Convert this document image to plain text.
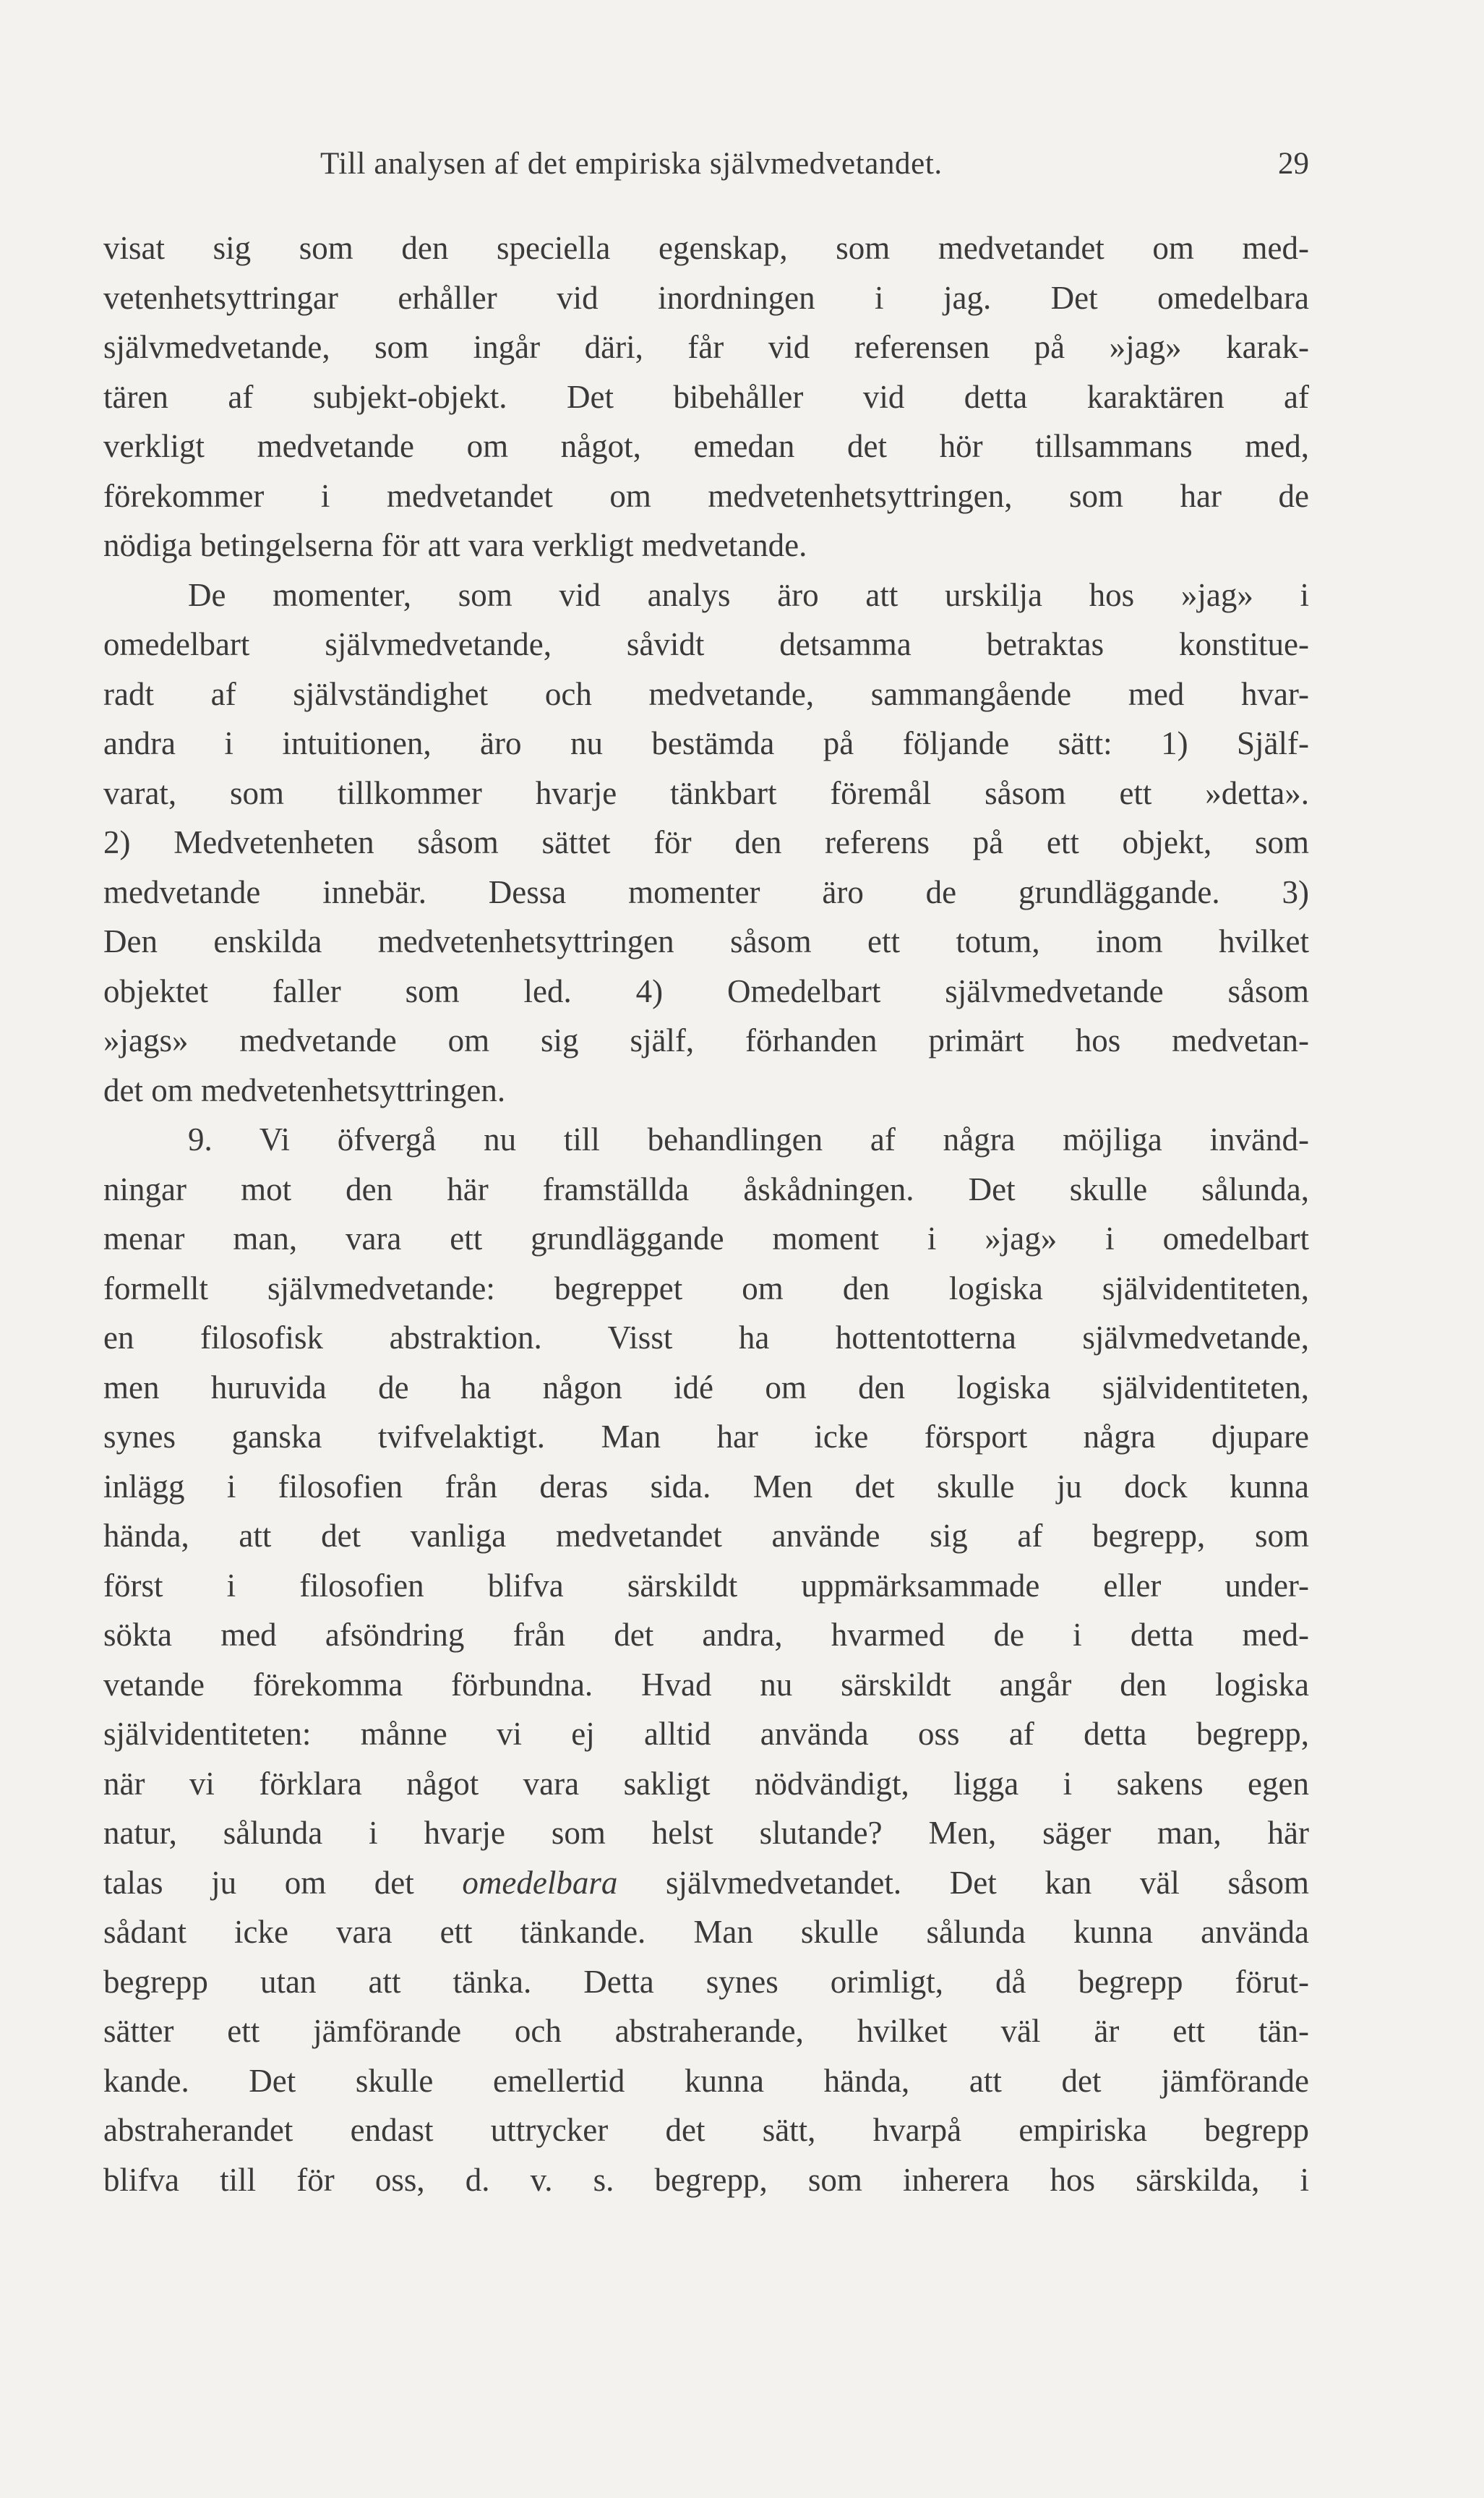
Till analysen af det empiriska självmedvetandet.	29
visat sig som den speciella egenskap, som medvetandet om med-
vetenhetsyttringar erhåller vid inordningen i jag. Det omedelbara
självmedvetande, som ingår däri, får vid referensen på »jag» karak-
tären af subjekt-objekt. Det bibehåller vid detta karaktären af
verkligt medvetande om något, emedan det hör tillsammans med,
förekommer i medvetandet om medvetenhetsyttringen, som har de
nödiga betingelserna för att vara verkligt medvetande.
De momenter, som vid analys äro att urskilja hos »jag» i
omedelbart självmedvetande, såvidt detsamma betraktas konstitue-
radt af självständighet och medvetande, sammangående med hvar-
andra i intuitionen, äro nu bestämda på följande sätt: 1) Själf-
varat, som tillkommer hvarje tänkbart föremål såsom ett »detta».
2) Medvetenheten såsom sättet för den referens på ett objekt, som
medvetande innebär. Dessa momenter äro de grundläggande. 3)
Den enskilda medvetenhetsyttringen såsom ett totum, inom hvilket
objektet faller som led. 4) Omedelbart självmedvetande såsom
»jags» medvetande om sig själf, förhanden primärt hos medvetan-
det om medvetenhetsyttringen.
9. Vi öfvergå nu till behandlingen af några möjliga invänd-
ningar mot den här framställda åskådningen. Det skulle sålunda,
menar man, vara ett grundläggande moment i »jag» i omedelbart
formellt självmedvetande: begreppet om den logiska självidentiteten,
en filosofisk abstraktion. Visst ha hottentotterna självmedvetande,
men huruvida de ha någon idé om den logiska självidentiteten,
synes ganska tvifvelaktigt. Man har icke försport några djupare
inlägg i filosofien från deras sida. Men det skulle ju dock kunna
hända, att det vanliga medvetandet använde sig af begrepp, som
först i filosofien blifva särskildt uppmärksammade eller under-
sökta med afsöndring från det andra, hvarmed de i detta med-
vetande förekomma förbundna. Hvad nu särskildt angår den logiska
självidentiteten: månne vi ej alltid använda oss af detta begrepp,
när vi förklara något vara sakligt nödvändigt, ligga i sakens egen
natur, sålunda i hvarje som helst slutande? Men, säger man, här
talas ju om det omedelbara självmedvetandet. Det kan väl såsom
sådant icke vara ett tänkande. Man skulle sålunda kunna använda
begrepp utan att tänka. Detta synes orimligt, då begrepp förut-
sätter ett jämförande och abstraherande, hvilket väl är ett tän-
kande. Det skulle emellertid kunna hända, att det jämförande
abstraherandet endast uttrycker det sätt, hvarpå empiriska begrepp
blifva till för oss, d. v. s. begrepp, som inherera hos särskilda, i
